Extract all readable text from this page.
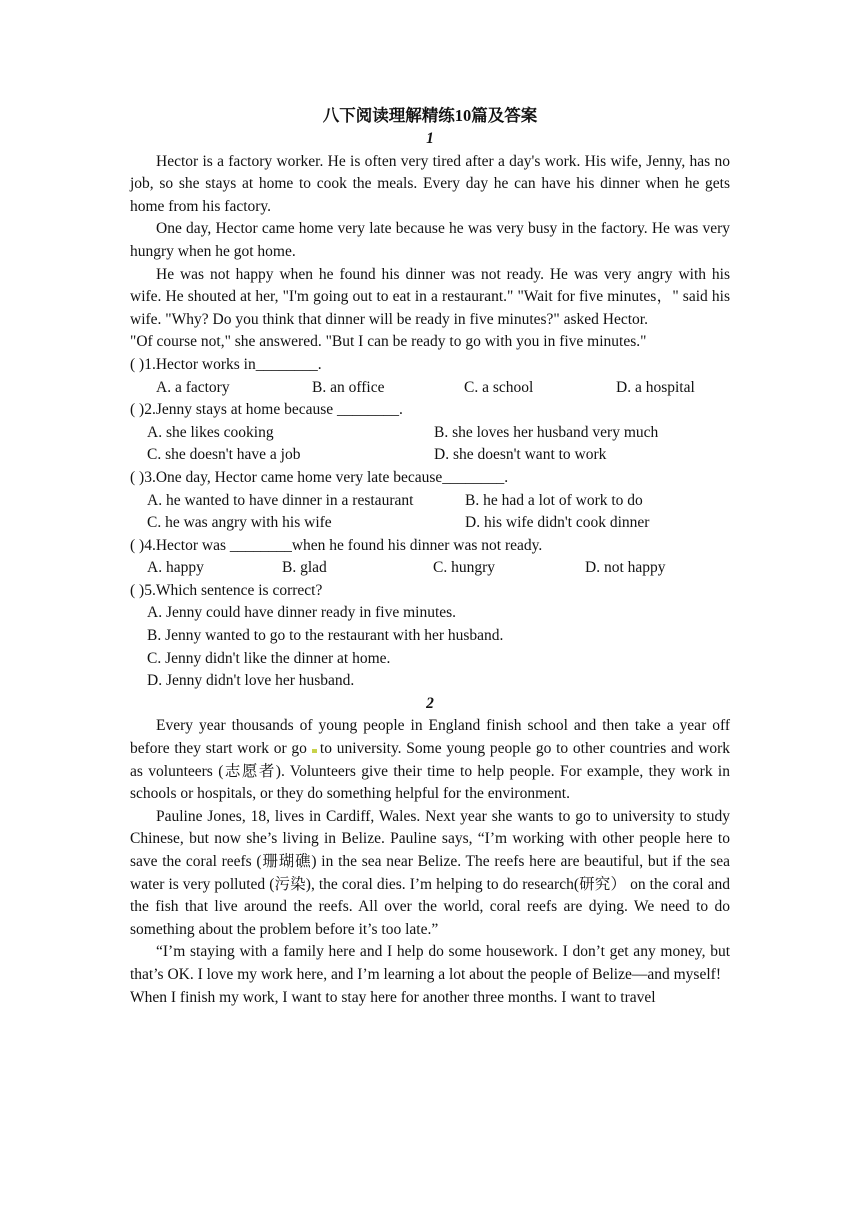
八下阅读理解精练10篇及答案

1

Hector is a factory worker. He is often very tired after a day's work. His wife, Jenny, has no job, so she stays at home to cook the meals. Every day he can have his dinner when he gets home from his factory.

One day, Hector came home very late because he was very busy in the factory. He was very hungry when he got home.

He was not happy when he found his dinner was not ready. He was very angry with his wife. He shouted at her, "I'm going out to eat in a restaurant." "Wait for five minutes，" said his wife. "Why? Do you think that dinner will be ready in five minutes?" asked Hector.

"Of course not," she answered. "But I can be ready to go with you in five minutes."

( )1.Hector works in________.

A. a factory	B. an office	C. a school	D. a hospital

( )2.Jenny stays at home because ________.

A. she likes cooking	B. she loves her husband very much
C. she doesn't have a job	D. she doesn't want to work

( )3.One day, Hector came home very late because________.

A. he wanted to have dinner in a restaurant	B. he had a lot of work to do
C. he was angry with his wife	D. his wife didn't cook dinner

( )4.Hector was ________when he found his dinner was not ready.

A. happy	B. glad	C. hungry	D. not happy

( )5.Which sentence is correct?

A. Jenny could have dinner ready in five minutes.

B. Jenny wanted to go to the restaurant with her husband.

C. Jenny didn't like the dinner at home.

D. Jenny didn't love her husband.

2

Every year thousands of young people in England finish school and then take a year off before they start work or go to university. Some young people go to other countries and work as volunteers (志愿者). Volunteers give their time to help people. For example, they work in schools or hospitals, or they do something helpful for the environment.

Pauline Jones, 18, lives in Cardiff, Wales. Next year she wants to go to university to study Chinese, but now she’s living in Belize. Pauline says, “I’m working with other people here to save the coral reefs (珊瑚礁) in the sea near Belize. The reefs here are beautiful, but if the sea water is very polluted (污染), the coral dies. I’m helping to do research(研究） on the coral and the fish that live around the reefs. All over the world, coral reefs are dying. We need to do something about the problem before it’s too late.”

“I’m staying with a family here and I help do some housework. I don’t get any money, but that’s OK. I love my work here, and I’m learning a lot about the people of Belize—and myself!

When I finish my work, I want to stay here for another three months. I want to travel
